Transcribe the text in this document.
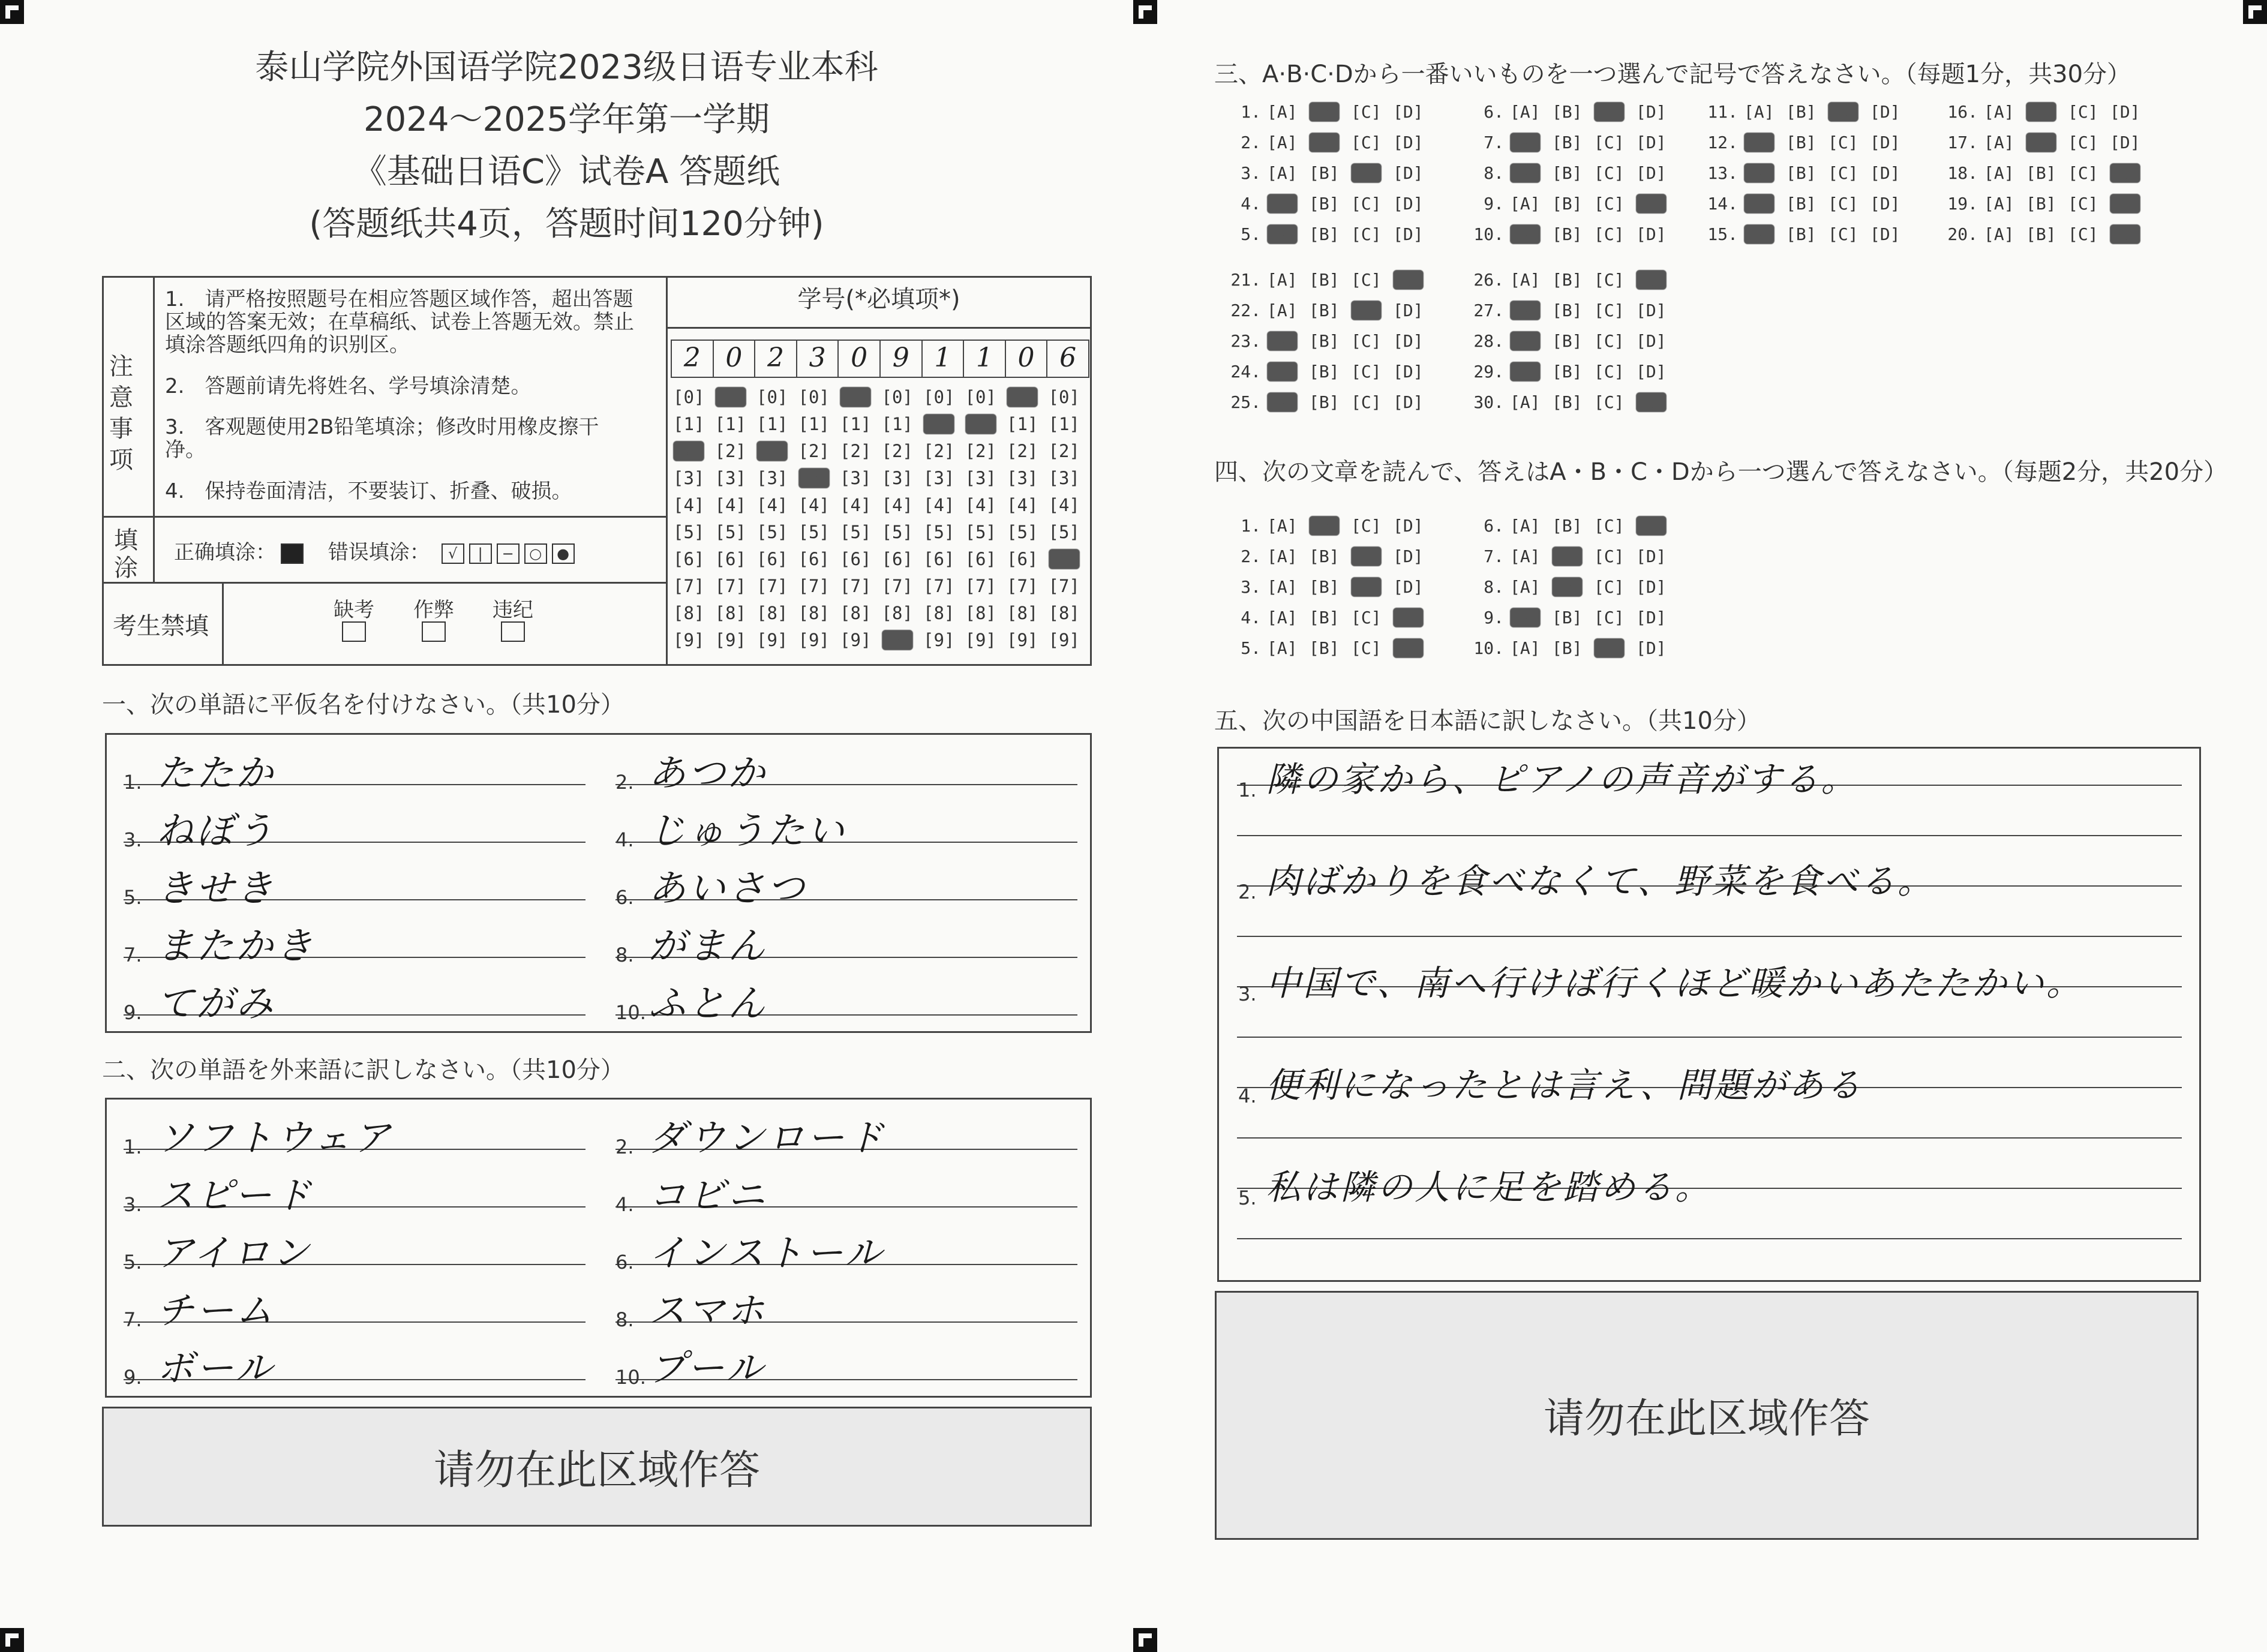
泰山学院外国语学院2023级日语专业本科
2024～2025学年第一学期
《基础日语C》试卷A 答题纸
(答题纸共4页，答题时间120分钟)
注意事项
1.　请严格按照题号在相应答题区域作答，超出答题区域的答案无效；在草稿纸、试卷上答题无效。禁止填涂答题纸四角的识别区。
2.　答题前请先将姓名、学号填涂清楚。
3.　客观题使用2B铅笔填涂；修改时用橡皮擦干净。
4.　保持卷面清洁，不要装订、折叠、破损。
填涂
正确填涂：	错误填涂： √ | − ○ ●
考生禁填
缺考	作弊	违纪
学号(*必填项*)
2 0 2 3 0 9 1 1 0 6
[0] [0] [0] [0] [0] [0] [0] [0] [0] [0]
[1] [1] [1] [1] [1] [1] [1] [1] [1] [1]
[2] [2] [2] [2] [2] [2] [2] [2] [2] [2]
[3] [3] [3] [3] [3] [3] [3] [3] [3] [3]
[4] [4] [4] [4] [4] [4] [4] [4] [4] [4]
[5] [5] [5] [5] [5] [5] [5] [5] [5] [5]
[6] [6] [6] [6] [6] [6] [6] [6] [6] [6]
[7] [7] [7] [7] [7] [7] [7] [7] [7] [7]
[8] [8] [8] [8] [8] [8] [8] [8] [8] [8]
[9] [9] [9] [9] [9] [9] [9] [9] [9] [9]
一、次の単語に平仮名を付けなさい。（共10分）
1. たたか	2. あつか
3. ねぼう	4. じゅうたい
5. きせき	6. あいさつ
7. またかき	8. がまん
9. てがみ	10. ふとん
二、次の単語を外来語に訳しなさい。（共10分）
1. ソフトウェア	2. ダウンロード
3. スピード	4. コビニ
5. アイロン	6. インストール
7. チーム	8. スマホ
9. ボール	10. プール
请勿在此区域作答
三、A·B·C·Dから一番いいものを一つ選んで記号で答えなさい。（每题1分，共30分）
1. [A] [B] [C] [D]
2. [A] [B] [C] [D]
3. [A] [B] [C] [D]
4. [A] [B] [C] [D]
5. [A] [B] [C] [D]
6. [A] [B] [C] [D]
7. [A] [B] [C] [D]
8. [A] [B] [C] [D]
9. [A] [B] [C] [D]
10. [A] [B] [C] [D]
11. [A] [B] [C] [D]
12. [A] [B] [C] [D]
13. [A] [B] [C] [D]
14. [A] [B] [C] [D]
15. [A] [B] [C] [D]
16. [A] [B] [C] [D]
17. [A] [B] [C] [D]
18. [A] [B] [C] [D]
19. [A] [B] [C] [D]
20. [A] [B] [C] [D]
21. [A] [B] [C] [D]
22. [A] [B] [C] [D]
23. [A] [B] [C] [D]
24. [A] [B] [C] [D]
25. [A] [B] [C] [D]
26. [A] [B] [C] [D]
27. [A] [B] [C] [D]
28. [A] [B] [C] [D]
29. [A] [B] [C] [D]
30. [A] [B] [C] [D]
四、次の文章を読んで、答えはA・B・C・Dから一つ選んで答えなさい。（每题2分，共20分）
1. [A] [B] [C] [D]
2. [A] [B] [C] [D]
3. [A] [B] [C] [D]
4. [A] [B] [C] [D]
5. [A] [B] [C] [D]
6. [A] [B] [C] [D]
7. [A] [B] [C] [D]
8. [A] [B] [C] [D]
9. [A] [B] [C] [D]
10. [A] [B] [C] [D]
五、次の中国語を日本語に訳しなさい。（共10分）
1. 隣の家から、ピアノの声音がする。
2. 肉ばかりを食べなくて、野菜を食べる。
3. 中国で、南へ行けば行くほど暖かいあたたかい。
4. 便利になったとは言え、問題がある
5. 私は隣の人に足を踏める。
请勿在此区域作答
